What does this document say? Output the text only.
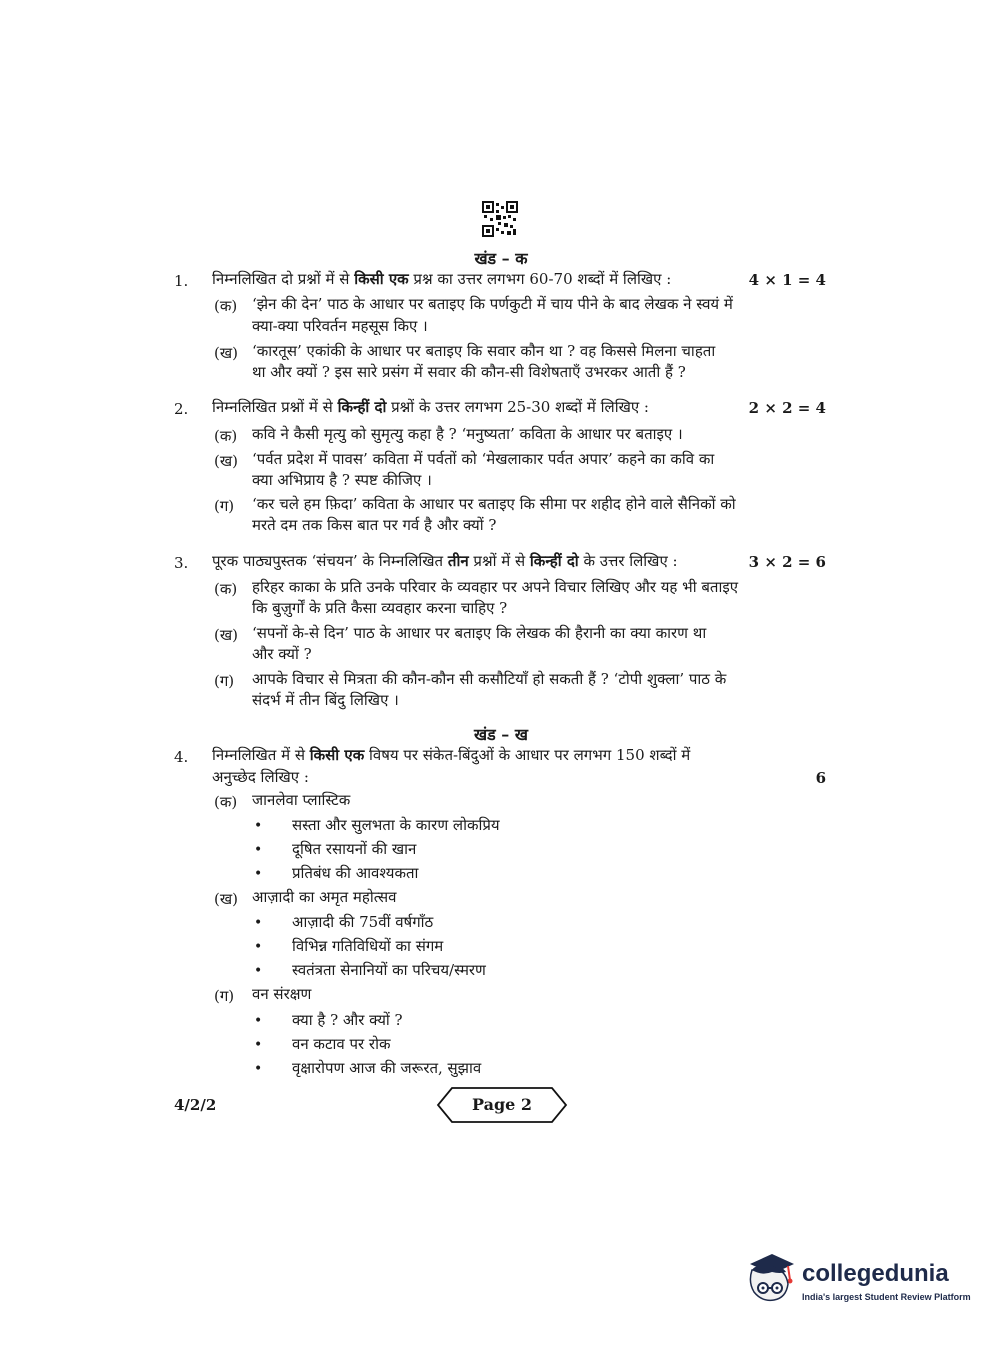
खंड – क
1. निम्नलिखित दो प्रश्नों में से किसी एक प्रश्न का उत्तर लगभग 60-70 शब्दों में लिखिए :	4 × 1 = 4
(क) ‘झेन की देन’ पाठ के आधार पर बताइए कि पर्णकुटी में चाय पीने के बाद लेखक ने स्वयं में
क्या-क्या परिवर्तन महसूस किए ।
(ख) ‘कारतूस’ एकांकी के आधार पर बताइए कि सवार कौन था ? वह किससे मिलना चाहता
था और क्यों ? इस सारे प्रसंग में सवार की कौन-सी विशेषताएँ उभरकर आती हैं ?
2. निम्नलिखित प्रश्नों में से किन्हीं दो प्रश्नों के उत्तर लगभग 25-30 शब्दों में लिखिए :	2 × 2 = 4
(क) कवि ने कैसी मृत्यु को सुमृत्यु कहा है ? ‘मनुष्यता’ कविता के आधार पर बताइए ।
(ख) ‘पर्वत प्रदेश में पावस’ कविता में पर्वतों को ‘मेखलाकार पर्वत अपार’ कहने का कवि का
क्या अभिप्राय है ? स्पष्ट कीजिए ।
(ग) ‘कर चले हम फ़िदा’ कविता के आधार पर बताइए कि सीमा पर शहीद होने वाले सैनिकों को
मरते दम तक किस बात पर गर्व है और क्यों ?
3. पूरक पाठ्यपुस्तक ‘संचयन’ के निम्नलिखित तीन प्रश्नों में से किन्हीं दो के उत्तर लिखिए :	3 × 2 = 6
(क) हरिहर काका के प्रति उनके परिवार के व्यवहार पर अपने विचार लिखिए और यह भी बताइए
कि बुज़ुर्गों के प्रति कैसा व्यवहार करना चाहिए ?
(ख) ‘सपनों के-से दिन’ पाठ के आधार पर बताइए कि लेखक की हैरानी का क्या कारण था
और क्यों ?
(ग) आपके विचार से मित्रता की कौन-कौन सी कसौटियाँ हो सकती हैं ? ‘टोपी शुक्ला’ पाठ के
संदर्भ में तीन बिंदु लिखिए ।
खंड – ख
4. निम्नलिखित में से किसी एक विषय पर संकेत-बिंदुओं के आधार पर लगभग 150 शब्दों में
अनुच्छेद लिखिए :	6
(क) जानलेवा प्लास्टिक
• सस्ता और सुलभता के कारण लोकप्रिय
• दूषित रसायनों की खान
• प्रतिबंध की आवश्यकता
(ख) आज़ादी का अमृत महोत्सव
• आज़ादी की 75वीं वर्षगाँठ
• विभिन्न गतिविधियों का संगम
• स्वतंत्रता सेनानियों का परिचय/स्मरण
(ग) वन संरक्षण
• क्या है ? और क्यों ?
• वन कटाव पर रोक
• वृक्षारोपण आज की जरूरत, सुझाव
4/2/2	Page 2
collegedunia
India's largest Student Review Platform
